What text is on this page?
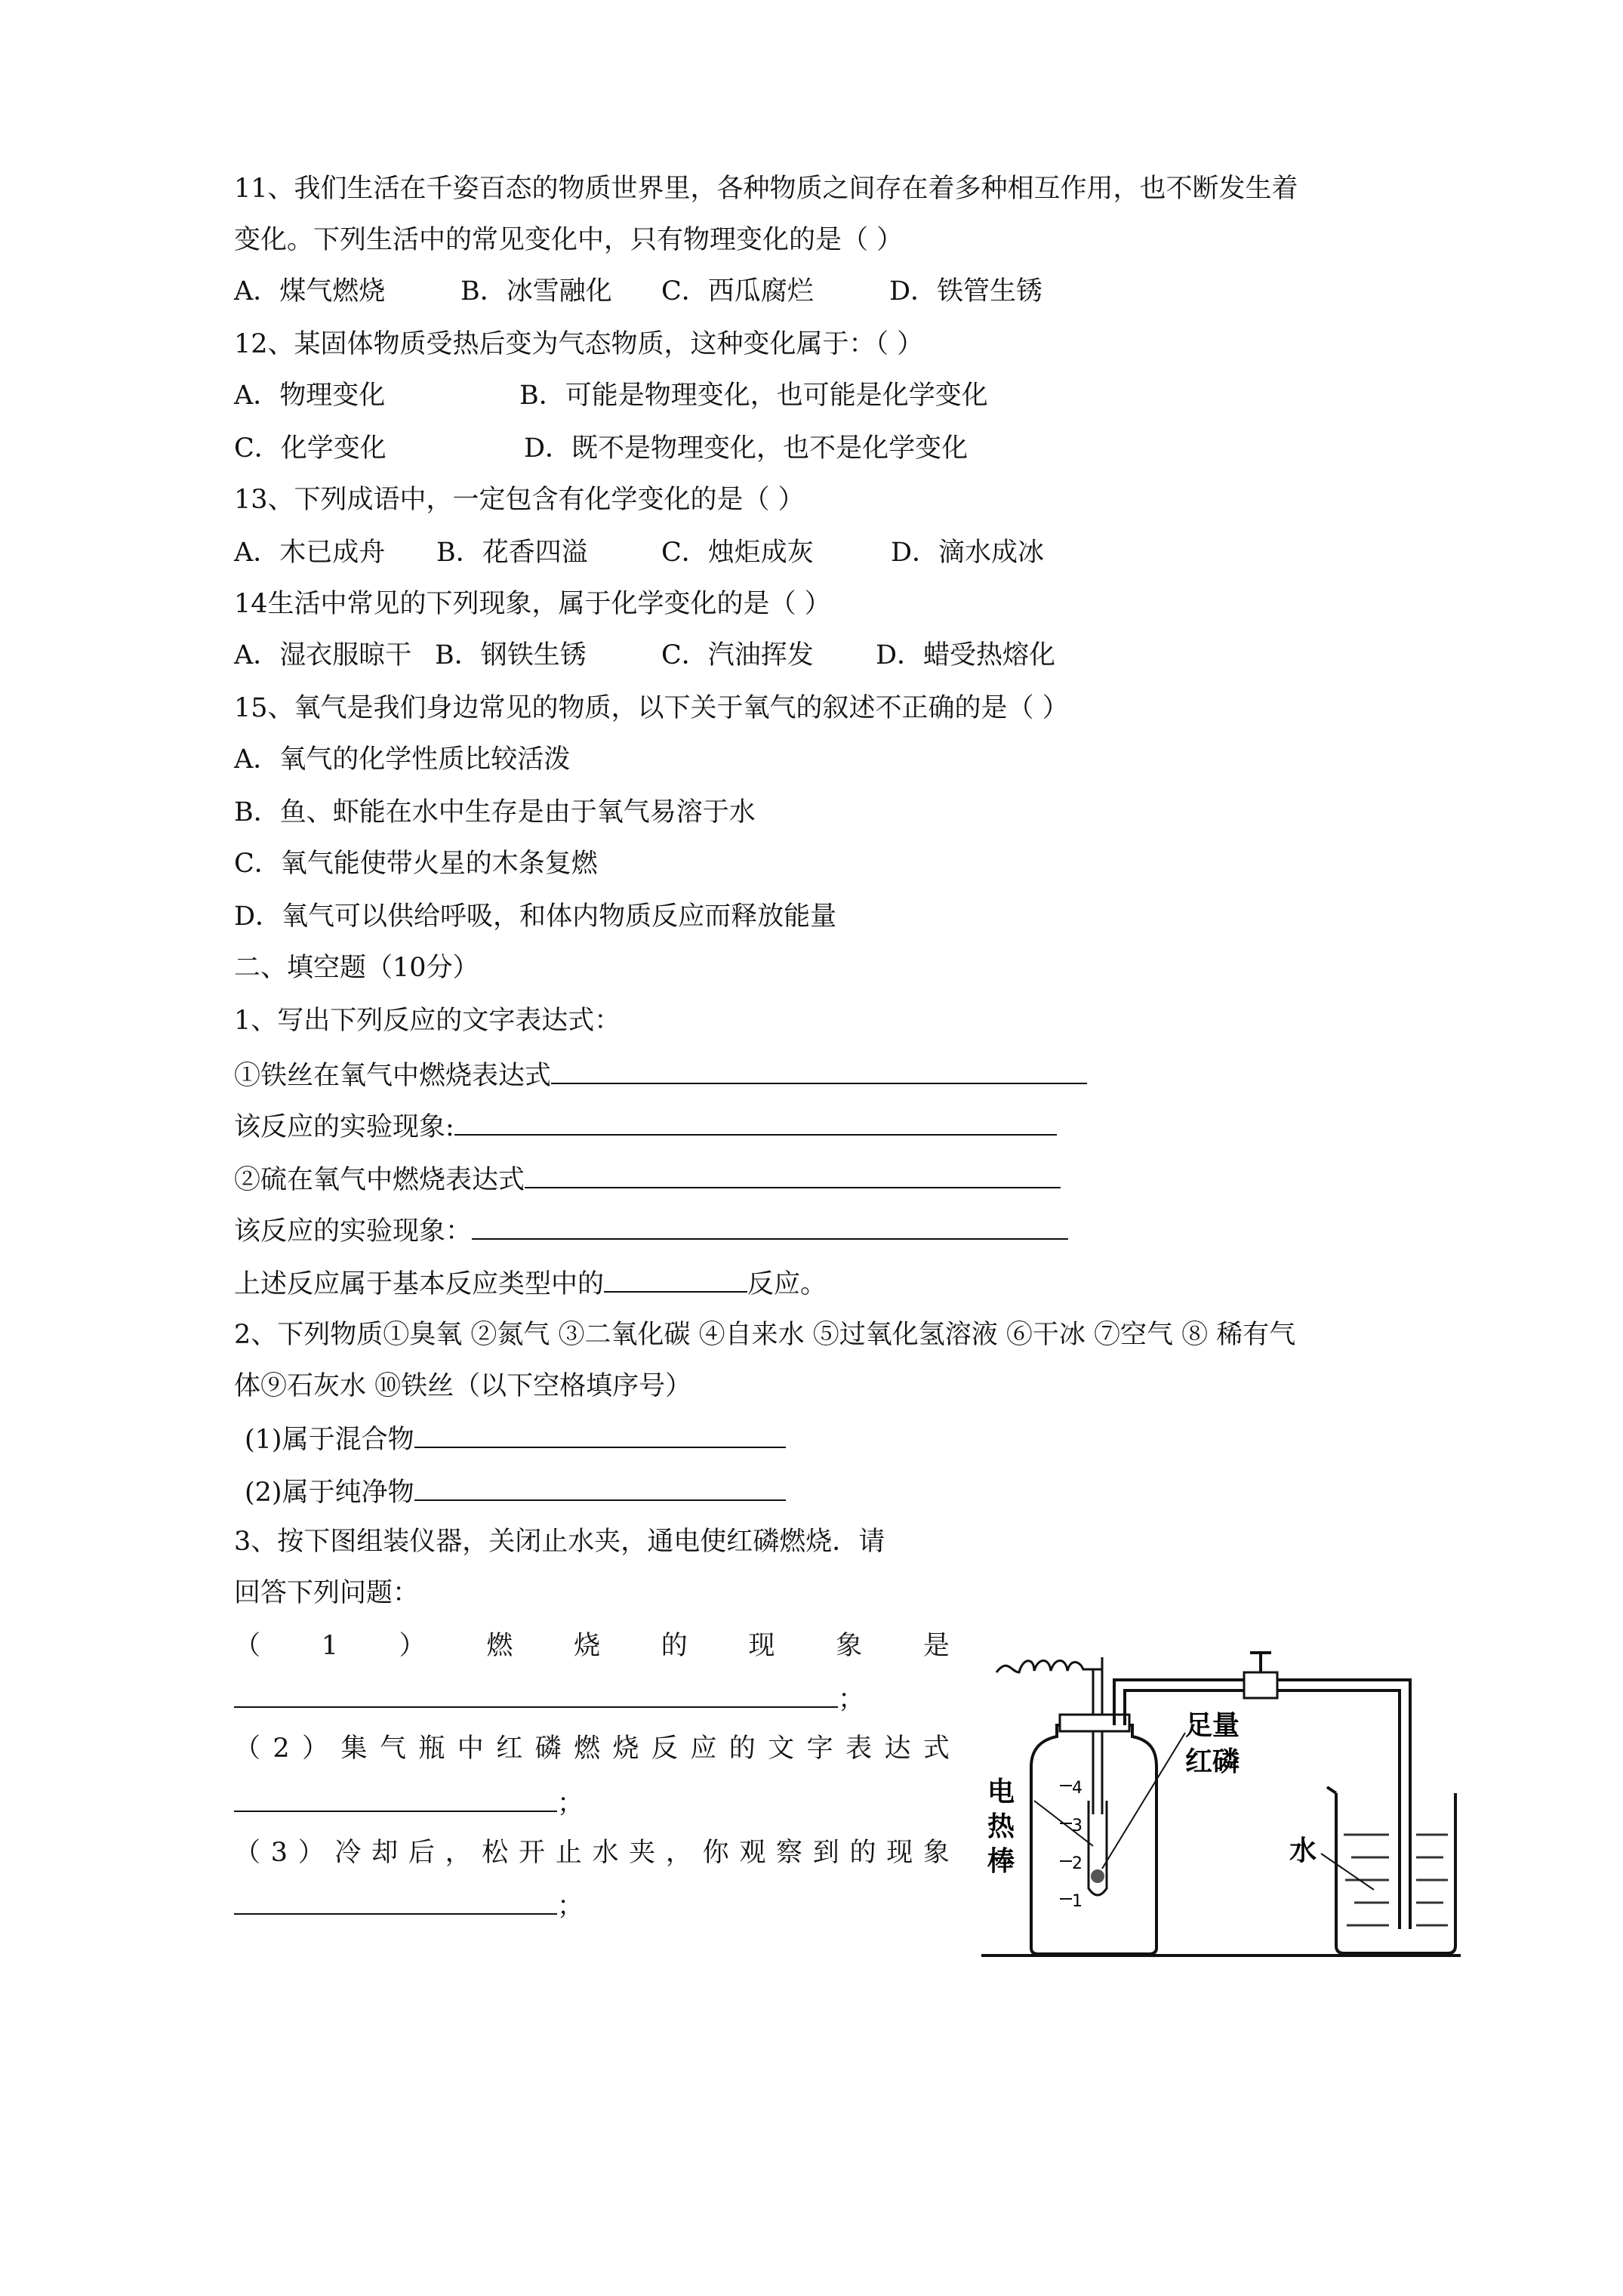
11、我们生活在千姿百态的物质世界里，各种物质之间存在着多种相互作用，也不断发生着
变化。下列生活中的常见变化中，只有物理变化的是（ ）
A．煤气燃烧	B．冰雪融化 C．西瓜腐烂	D．铁管生锈
12、某固体物质受热后变为气态物质，这种变化属于：（ ）
A．物理变化	B．可能是物理变化，也可能是化学变化
C．化学变化	D．既不是物理变化，也不是化学变化
13、下列成语中，一定包含有化学变化的是（ ）
A．木已成舟 B．花香四溢	C．烛炬成灰	D．滴水成冰
14生活中常见的下列现象，属于化学变化的是（ ）
A．湿衣服晾干 B．钢铁生锈	C．汽油挥发 D．蜡受热熔化
15、氧气是我们身边常见的物质，以下关于氧气的叙述不正确的是（ ）
A．氧气的化学性质比较活泼
B．鱼、虾能在水中生存是由于氧气易溶于水
C．氧气能使带火星的木条复燃
D．氧气可以供给呼吸，和体内物质反应而释放能量
二、填空题（10分）
1、写出下列反应的文字表达式：
①铁丝在氧气中燃烧表达式
该反应的实验现象:
②硫在氧气中燃烧表达式
该反应的实验现象：
上述反应属于基本反应类型中的	反应。
2、下列物质①臭氧 ②氮气 ③二氧化碳 ④自来水 ⑤过氧化氢溶液 ⑥干冰 ⑦空气 ⑧ 稀有气
体⑨石灰水 ⑩铁丝（以下空格填序号）
(1)属于混合物
(2)属于纯净物
3、按下图组装仪器，关闭止水夹，通电使红磷燃烧．请
回答下列问题：
（ 1 ） 燃 烧 的 现 象 是
；
（ 2 ） 集 气 瓶 中 红 磷 燃 烧 反 应 的 文 字 表 达 式
；
（ 3 ） 冷 却 后 ， 松 开 止 水 夹 ， 你 观 察 到 的 现 象
；
4
3
2
1
电
热
棒
足量
红磷
水
